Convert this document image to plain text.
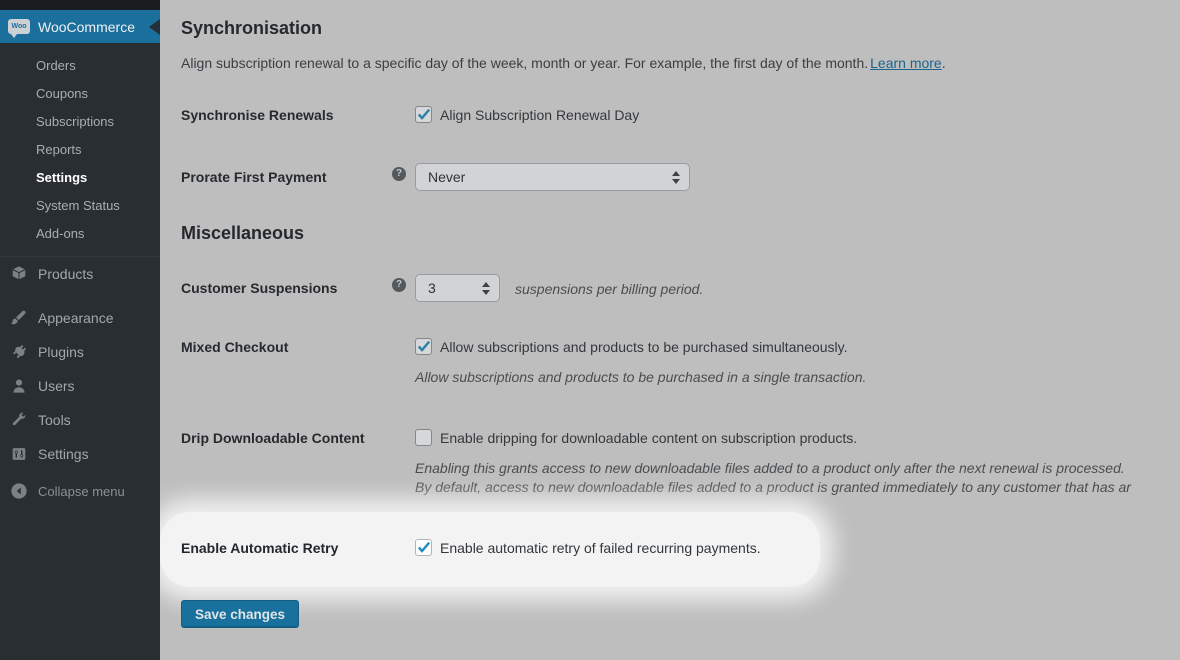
Woo WooCommerce
Orders
Coupons
Subscriptions
Reports
Settings
System Status
Add-ons
Products
Appearance
Plugins
Users
Tools
Settings
Collapse menu
Synchronisation

Align subscription renewal to a specific day of the week, month or year. For example, the first day of the month. Learn more.

Synchronise Renewals	Align Subscription Renewal Day
Prorate First Payment	? Never
Miscellaneous
Customer Suspensions	? 3	suspensions per billing period.
Mixed Checkout	Allow subscriptions and products to be purchased simultaneously.
Allow subscriptions and products to be purchased in a single transaction.
Drip Downloadable Content	Enable dripping for downloadable content on subscription products.
Enabling this grants access to new downloadable files added to a product only after the next renewal is processed.
By default, access to new downloadable files added to a product is granted immediately to any customer that has ar
Enable Automatic Retry	Enable automatic retry of failed recurring payments.
Save changes
